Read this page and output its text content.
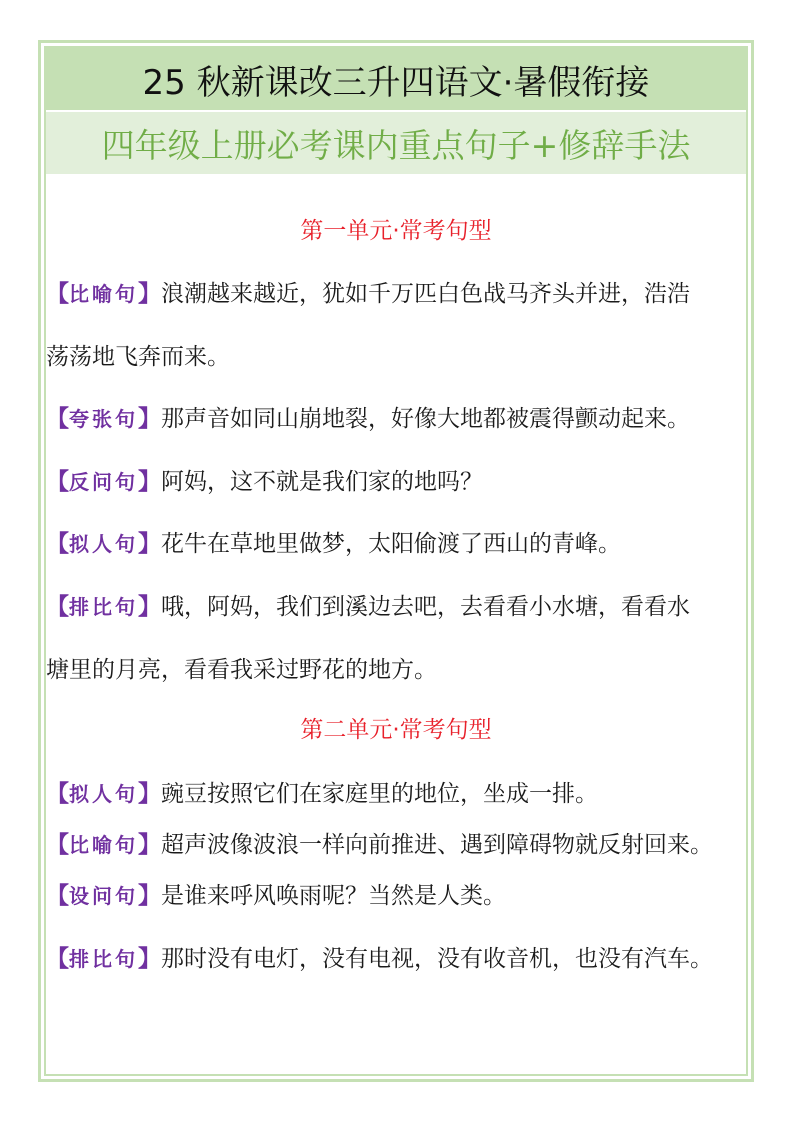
25 秋新课改三升四语文·暑假衔接
四年级上册必考课内重点句子+修辞手法
第一单元·常考句型
【比喻句】浪潮越来越近，犹如千万匹白色战马齐头并进，浩浩
荡荡地飞奔而来。
【夸张句】那声音如同山崩地裂，好像大地都被震得颤动起来。
【反问句】阿妈，这不就是我们家的地吗？
【拟人句】花牛在草地里做梦，太阳偷渡了西山的青峰。
【排比句】哦，阿妈，我们到溪边去吧，去看看小水塘，看看水
塘里的月亮，看看我采过野花的地方。
第二单元·常考句型
【拟人句】豌豆按照它们在家庭里的地位，坐成一排。
【比喻句】超声波像波浪一样向前推进、遇到障碍物就反射回来。
【设问句】是谁来呼风唤雨呢？当然是人类。
【排比句】那时没有电灯，没有电视，没有收音机，也没有汽车。
